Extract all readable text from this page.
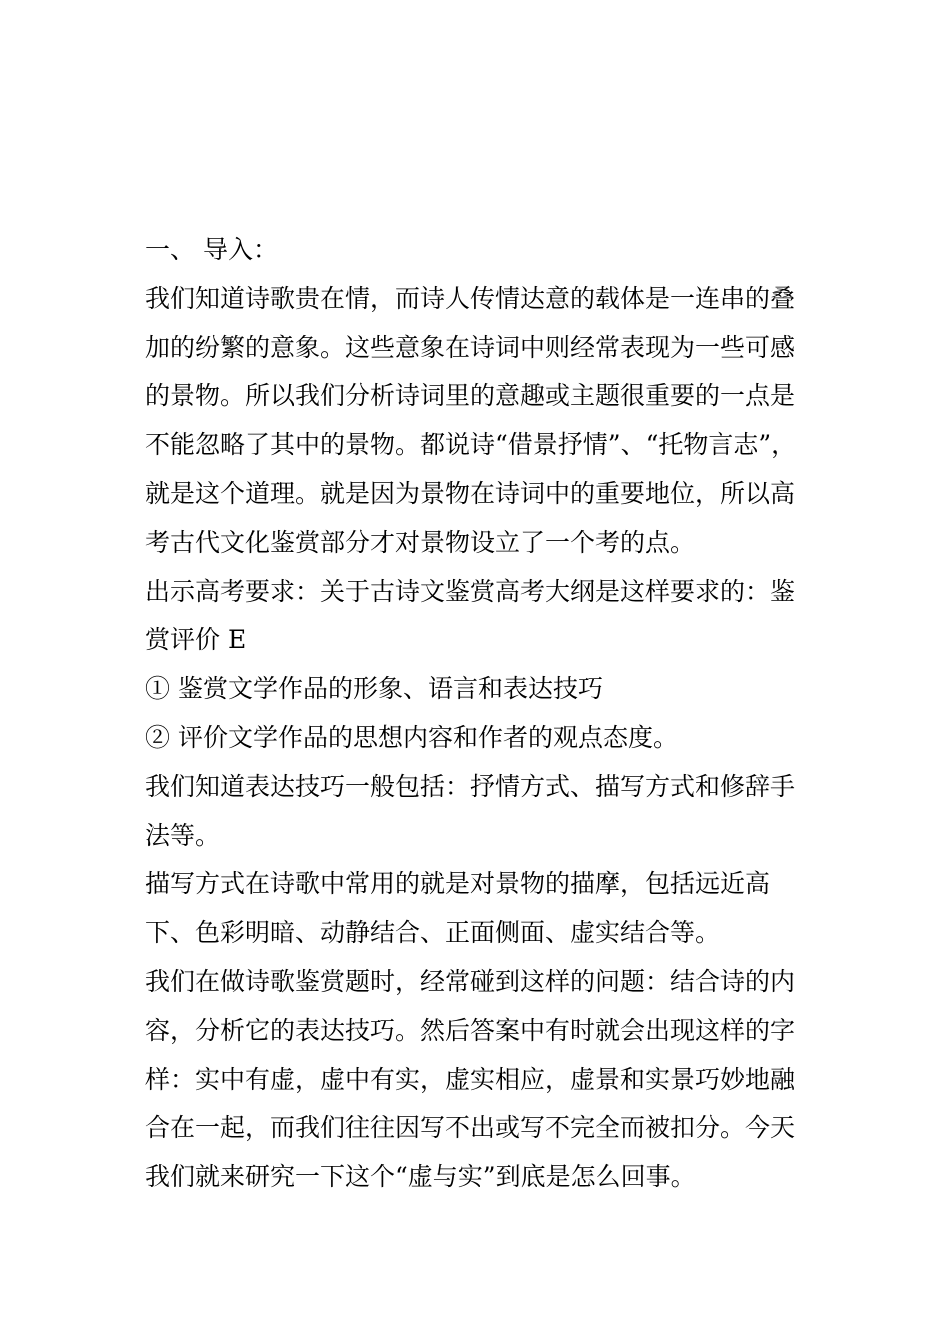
一、 导入：

我们知道诗歌贵在情，而诗人传情达意的载体是一连串的叠加的纷繁的意象。这些意象在诗词中则经常表现为一些可感的景物。所以我们分析诗词里的意趣或主题很重要的一点是不能忽略了其中的景物。都说诗“借景抒情”、“托物言志”，就是这个道理。就是因为景物在诗词中的重要地位，所以高考古代文化鉴赏部分才对景物设立了一个考的点。

出示高考要求：关于古诗文鉴赏高考大纲是这样要求的：鉴赏评价 E

① 鉴赏文学作品的形象、语言和表达技巧

② 评价文学作品的思想内容和作者的观点态度。

我们知道表达技巧一般包括：抒情方式、描写方式和修辞手法等。

描写方式在诗歌中常用的就是对景物的描摩，包括远近高下、色彩明暗、动静结合、正面侧面、虚实结合等。

我们在做诗歌鉴赏题时，经常碰到这样的问题：结合诗的内容，分析它的表达技巧。然后答案中有时就会出现这样的字样：实中有虚，虚中有实，虚实相应，虚景和实景巧妙地融合在一起，而我们往往因写不出或写不完全而被扣分。今天我们就来研究一下这个“虚与实”到底是怎么回事。
